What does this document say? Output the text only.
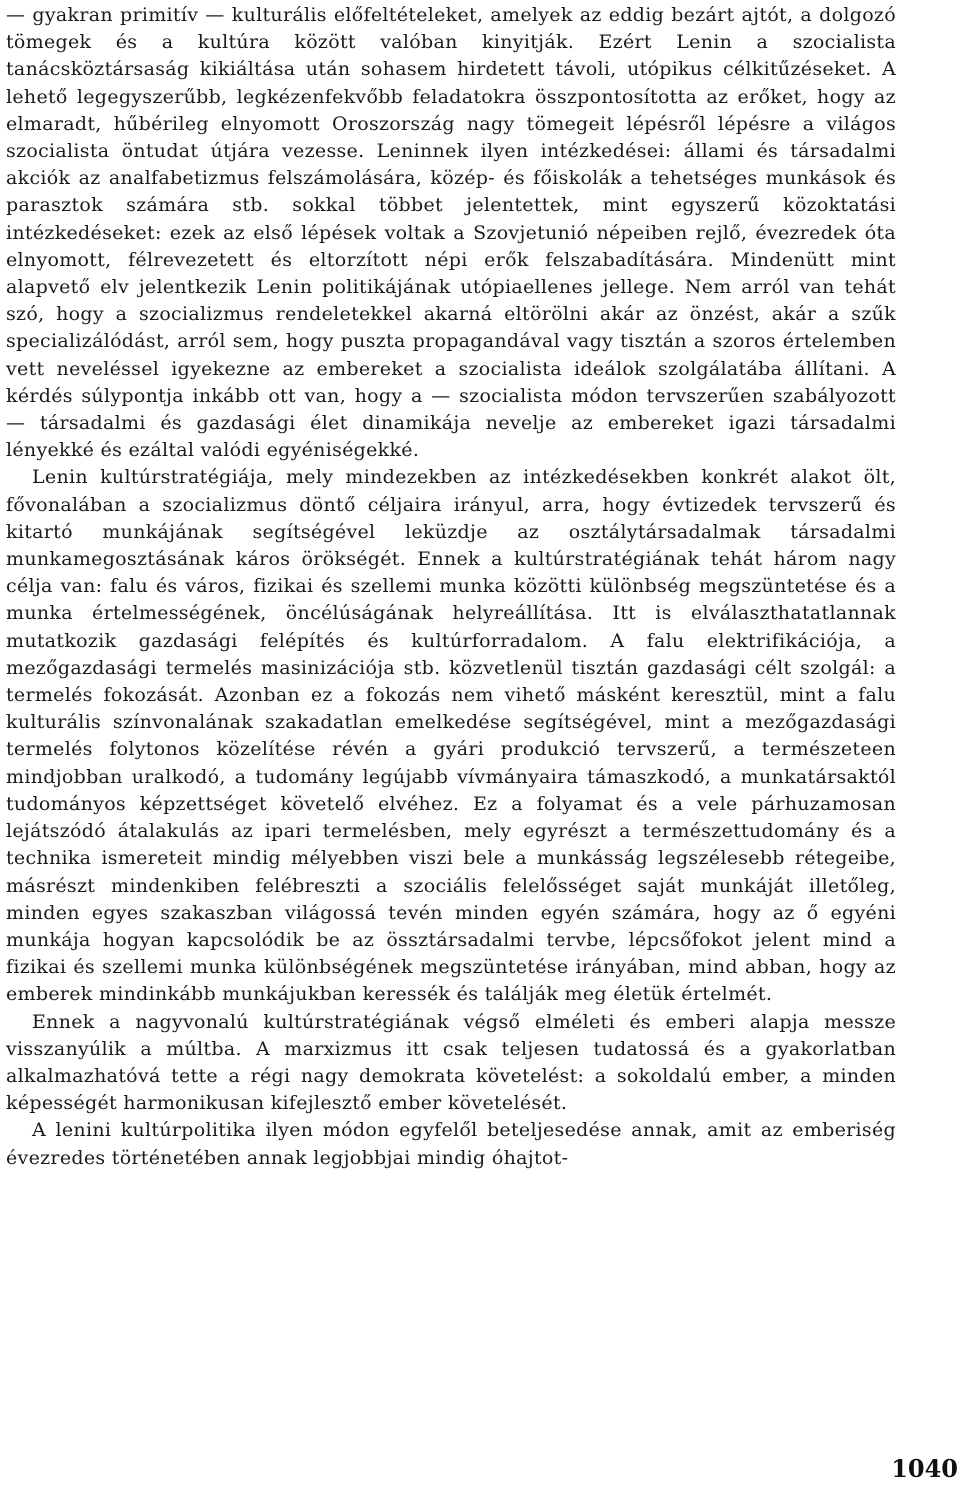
— gyakran primitív — kulturális előfeltételeket, amelyek az eddig bezárt ajtót, a dolgozó tömegek és a kultúra között valóban kinyitják. Ezért Lenin a szocialista tanácsköztársaság kikiáltása után sohasem hirdetett távoli, utópikus célkitűzéseket. A lehető legegyszerűbb, legkézenfekvőbb feladatokra összpontosította az erőket, hogy az elmaradt, hűbérileg elnyomott Oroszország nagy tömegeit lépésről lépésre a világos szocialista öntudat útjára vezesse. Leninnek ilyen intézkedései: állami és társadalmi akciók az analfabetizmus felszámolására, közép- és főiskolák a tehetséges munkások és parasztok számára stb. sokkal többet jelentettek, mint egyszerű közoktatási intézkedéseket: ezek az első lépések voltak a Szovjetunió népeiben rejlő, évezredek óta elnyomott, félrevezetett és eltorzított népi erők felszabadítására. Mindenütt mint alapvető elv jelentkezik Lenin politikájának utópiaellenes jellege. Nem arról van tehát szó, hogy a szocializmus rendeletekkel akarná eltörölni akár az önzést, akár a szűk specializálódást, arról sem, hogy puszta propagandával vagy tisztán a szoros értelemben vett neveléssel igyekezne az embereket a szocialista ideálok szolgálatába állítani. A kérdés súlypontja inkább ott van, hogy a — szocialista módon tervszerűen szabályozott — társadalmi és gazdasági élet dinamikája nevelje az embereket igazi társadalmi lényekké és ezáltal valódi egyéniségekké.

Lenin kultúrstratégiája, mely mindezekben az intézkedésekben konkrét alakot ölt, fővonalában a szocializmus döntő céljaira irányul, arra, hogy évtizedek tervszerű és kitartó munkájának segítségével leküzdje az osztálytársadalmak társadalmi munkamegosztásának káros örökségét. Ennek a kultúrstratégiának tehát három nagy célja van: falu és város, fizikai és szellemi munka közötti különbség megszüntetése és a munka értelmességének, öncélúságának helyreállítása. Itt is elválaszthatatlannak mutatkozik gazdasági felépítés és kultúrforradalom. A falu elektrifikációja, a mezőgazdasági termelés masinizációja stb. közvetlenül tisztán gazdasági célt szolgál: a termelés fokozását. Azonban ez a fokozás nem vihető másként keresztül, mint a falu kulturális színvonalának szakadatlan emelkedése segítségével, mint a mezőgazdasági termelés folytonos közelítése révén a gyári produkció tervszerű, a természeteen mindjobban uralkodó, a tudomány legújabb vívmányaira támaszkodó, a munkatársaktól tudományos képzettséget követelő elvéhez. Ez a folyamat és a vele párhuzamosan lejátszódó átalakulás az ipari termelésben, mely egyrészt a természettudomány és a technika ismereteit mindig mélyebben viszi bele a munkásság legszélesebb rétegeibe, másrészt mindenkiben felébreszti a szociális felelősséget saját munkáját illetőleg, minden egyes szakaszban világossá tevén minden egyén számára, hogy az ő egyéni munkája hogyan kapcsolódik be az össztársadalmi tervbe, lépcsőfokot jelent mind a fizikai és szellemi munka különbségének megszüntetése irányában, mind abban, hogy az emberek mindinkább munkájukban keressék és találják meg életük értelmét.

Ennek a nagyvonalú kultúrstratégiának végső elméleti és emberi alapja messze visszanyúlik a múltba. A marxizmus itt csak teljesen tudatossá és a gyakorlatban alkalmazhatóvá tette a régi nagy demokrata követelést: a sokoldalú ember, a minden képességét harmonikusan kifejlesztő ember követelését.

A lenini kultúrpolitika ilyen módon egyfelől beteljesedése annak, amit az emberiség évezredes történetében annak legjobbjai mindig óhajtot-

1040
